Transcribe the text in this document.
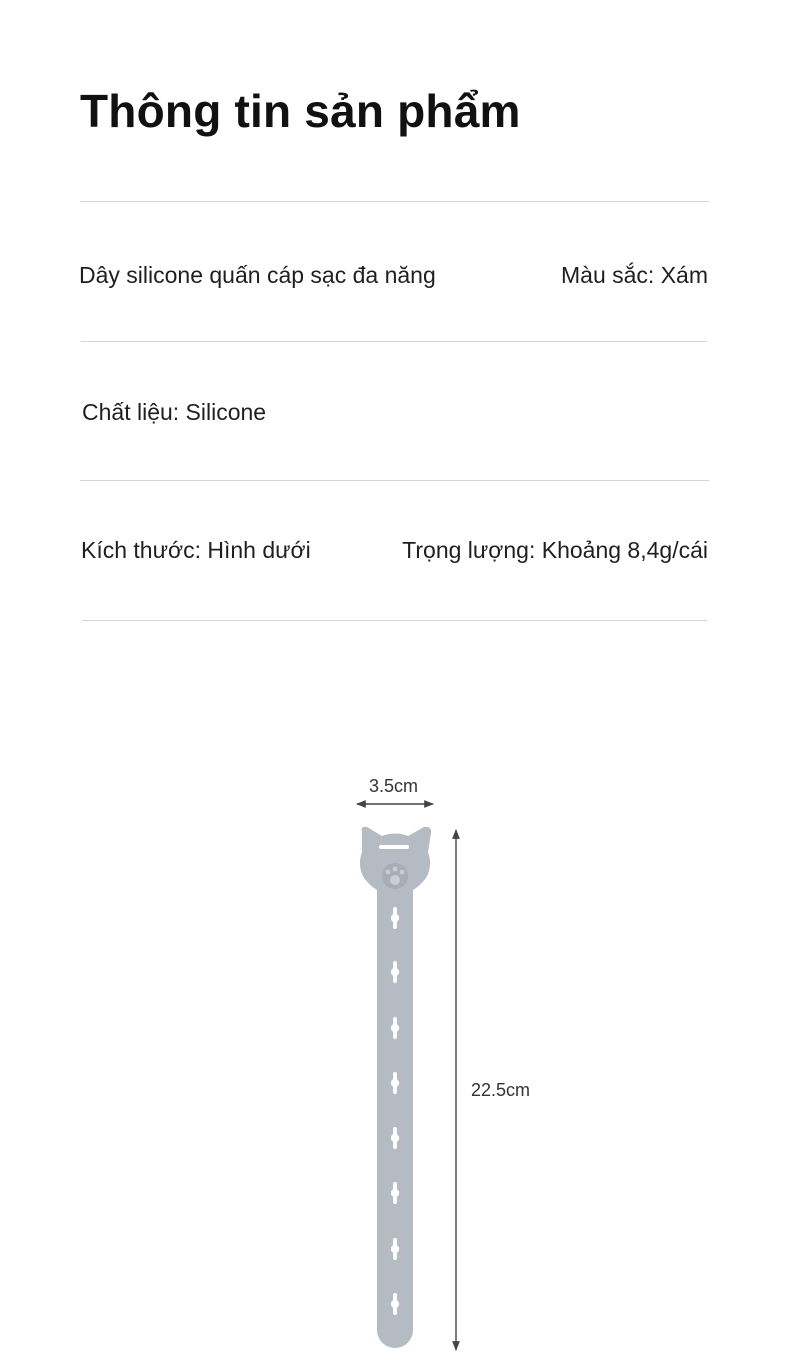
Thông tin sản phẩm
Dây silicone quấn cáp sạc đa năng	Màu sắc: Xám
Chất liệu: Silicone
Kích thước: Hình dưới	Trọng lượng: Khoảng 8,4g/cái
3.5cm
22.5cm
